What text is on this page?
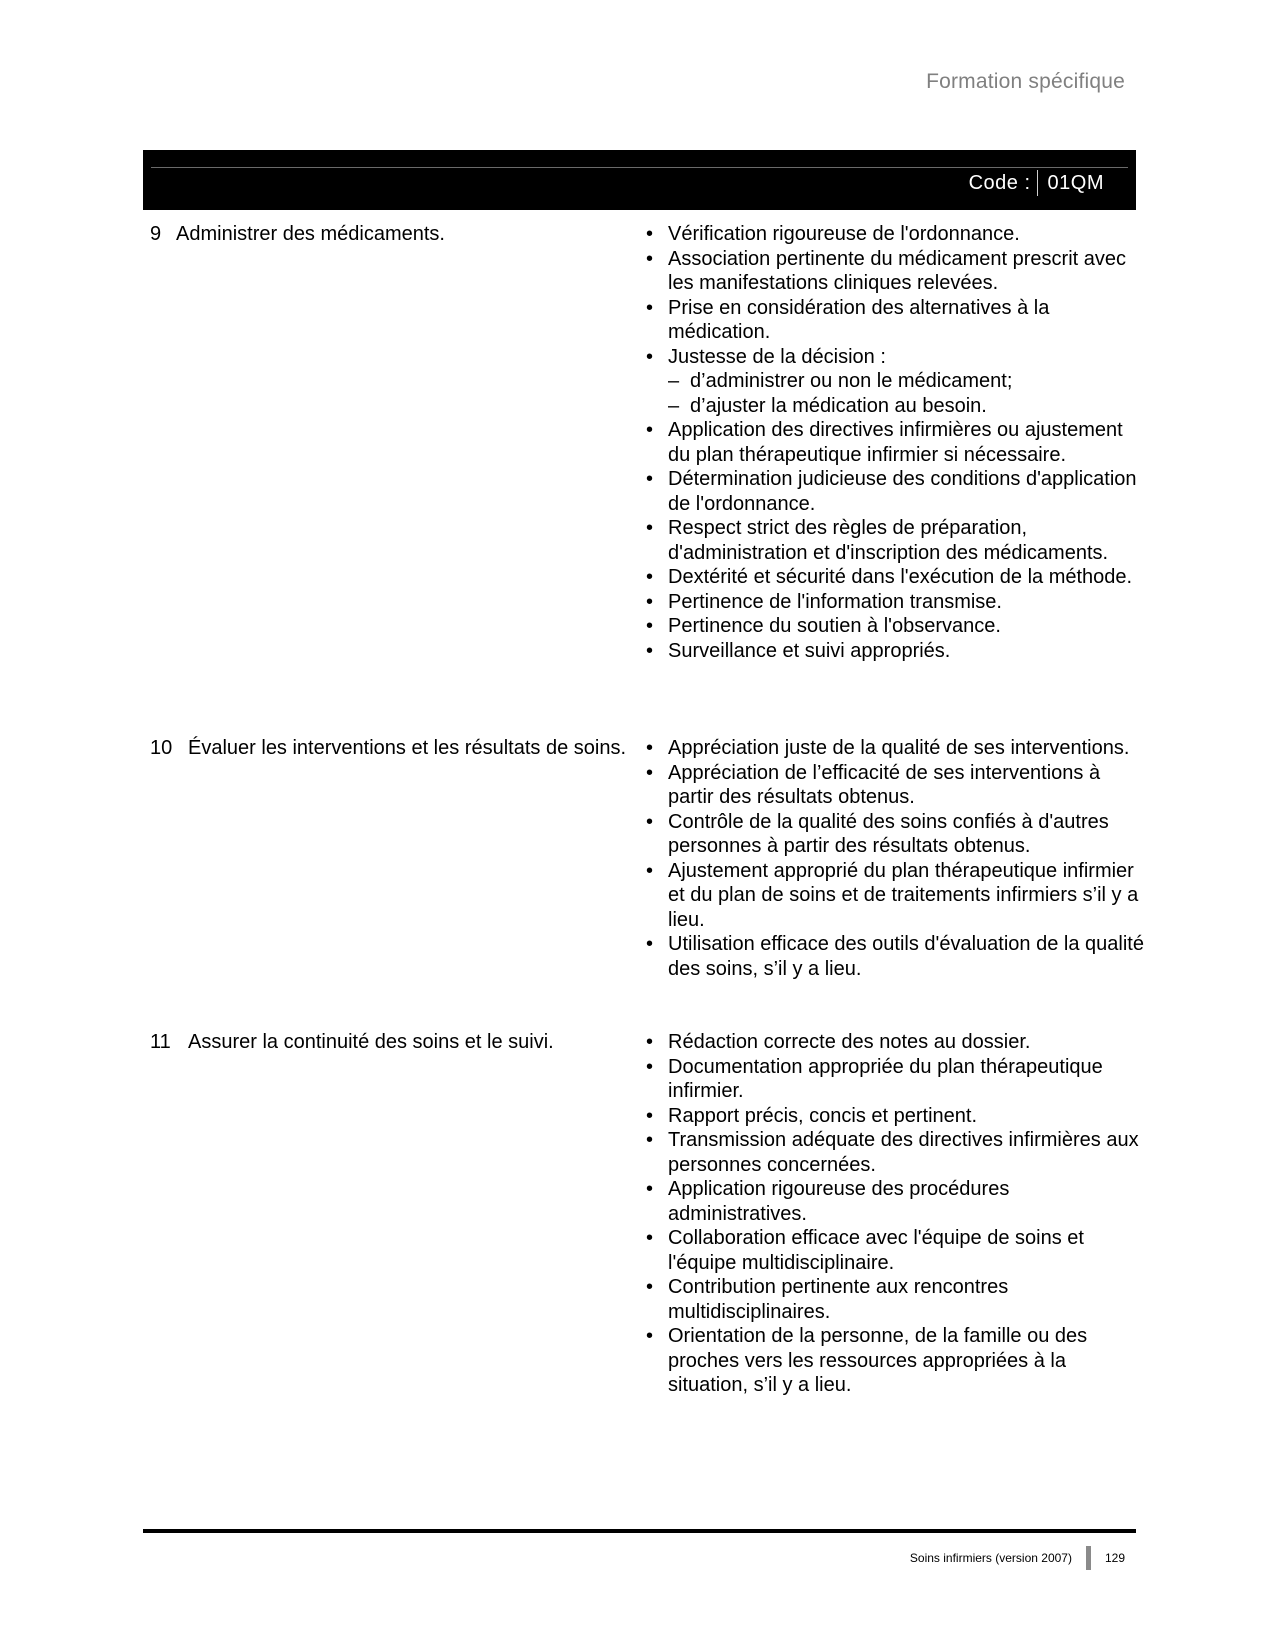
Formation spécifique
Code : 01QM
9 Administrer des médicaments.	• Vérification rigoureuse de l'ordonnance.
• Association pertinente du médicament prescrit avec les manifestations cliniques relevées.
• Prise en considération des alternatives à la médication.
• Justesse de la décision :
– d’administrer ou non le médicament;
– d’ajuster la médication au besoin.
• Application des directives infirmières ou ajustement du plan thérapeutique infirmier si nécessaire.
• Détermination judicieuse des conditions d'application de l'ordonnance.
• Respect strict des règles de préparation, d'administration et d'inscription des médicaments.
• Dextérité et sécurité dans l'exécution de la méthode.
• Pertinence de l'information transmise.
• Pertinence du soutien à l'observance.
• Surveillance et suivi appropriés.
10 Évaluer les interventions et les résultats de soins.	• Appréciation juste de la qualité de ses interventions.
• Appréciation de l’efficacité de ses interventions à partir des résultats obtenus.
• Contrôle de la qualité des soins confiés à d'autres personnes à partir des résultats obtenus.
• Ajustement approprié du plan thérapeutique infirmier et du plan de soins et de traitements infirmiers s’il y a lieu.
• Utilisation efficace des outils d'évaluation de la qualité des soins, s’il y a lieu.
11 Assurer la continuité des soins et le suivi.	• Rédaction correcte des notes au dossier.
• Documentation appropriée du plan thérapeutique infirmier.
• Rapport précis, concis et pertinent.
• Transmission adéquate des directives infirmières aux personnes concernées.
• Application rigoureuse des procédures administratives.
• Collaboration efficace avec l'équipe de soins et l'équipe multidisciplinaire.
• Contribution pertinente aux rencontres multidisciplinaires.
• Orientation de la personne, de la famille ou des proches vers les ressources appropriées à la situation, s’il y a lieu.
Soins infirmiers (version 2007)	129
